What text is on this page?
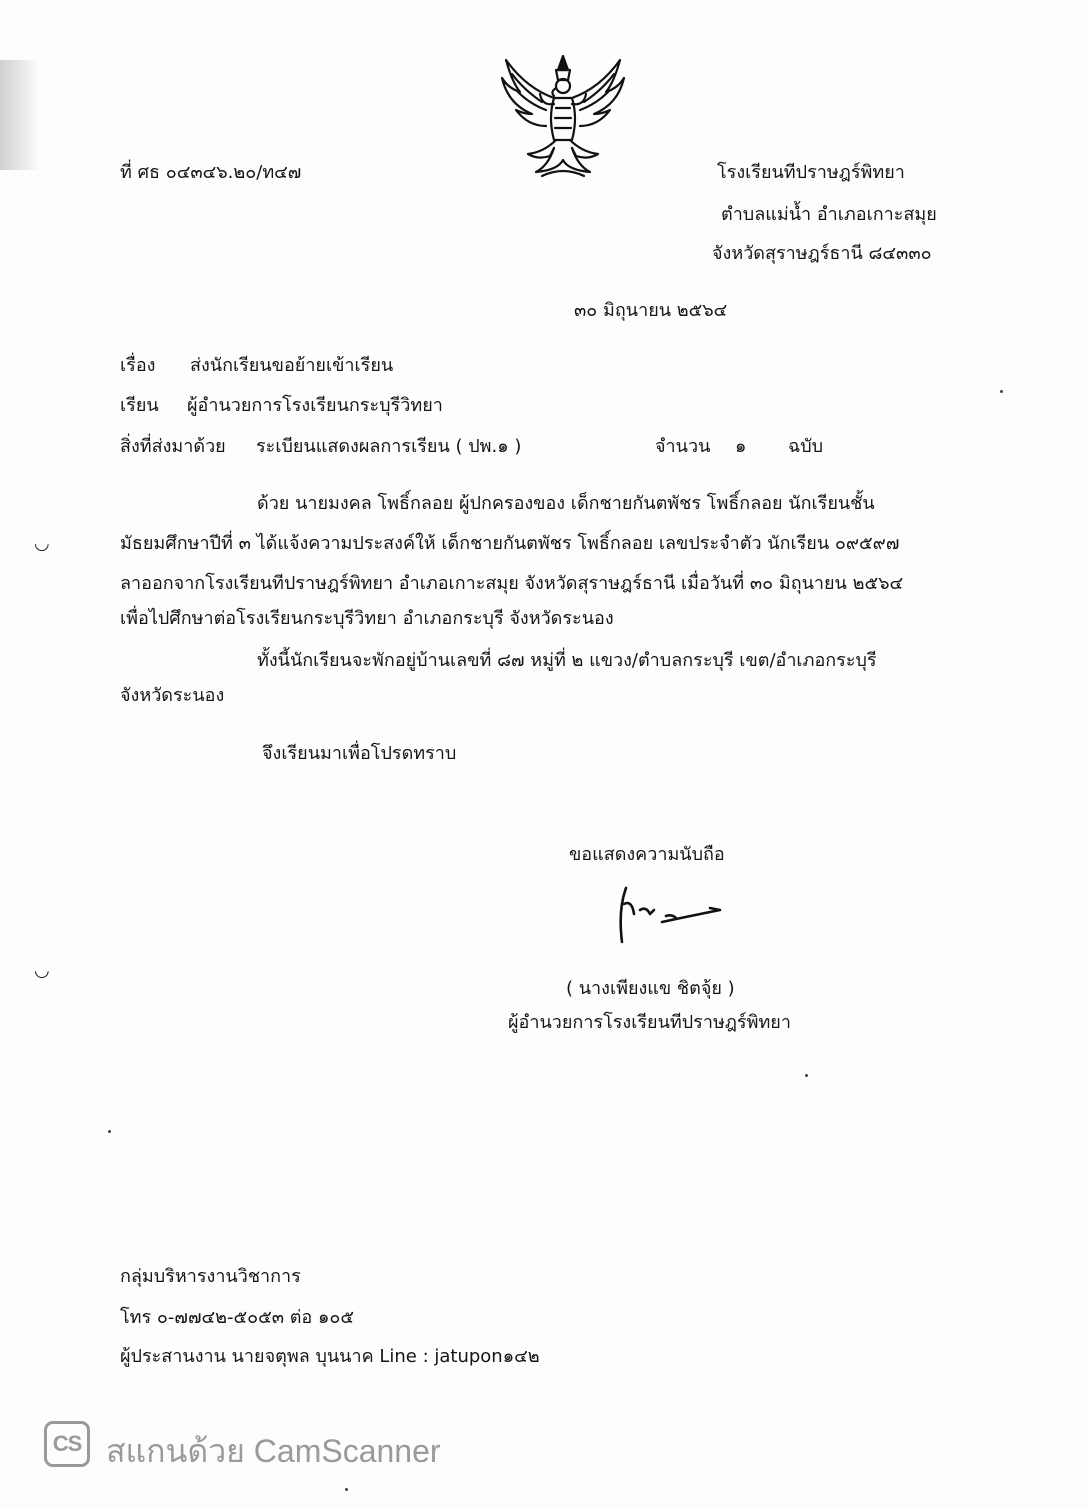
ที่ ศธ ๐๔๓๔๖.๒๐/ท๔๗	โรงเรียนทีปราษฎร์พิทยา
ตำบลแม่น้ำ อำเภอเกาะสมุย
จังหวัดสุราษฎร์ธานี ๘๔๓๓๐
๓๐ มิถุนายน ๒๕๖๔
เรื่อง ส่งนักเรียนขอย้ายเข้าเรียน
เรียน ผู้อำนวยการโรงเรียนกระบุรีวิทยา
สิ่งที่ส่งมาด้วย ระเบียนแสดงผลการเรียน ( ปพ.๑ )	จำนวน ๑ ฉบับ
ด้วย นายมงคล โพธิ์กลอย ผู้ปกครองของ เด็กชายกันตพัชร โพธิ์กลอย นักเรียนชั้น
มัธยมศึกษาปีที่ ๓ ได้แจ้งความประสงค์ให้ เด็กชายกันตพัชร โพธิ์กลอย เลขประจำตัว นักเรียน ๐๙๕๙๗
ลาออกจากโรงเรียนทีปราษฎร์พิทยา อำเภอเกาะสมุย จังหวัดสุราษฎร์ธานี เมื่อวันที่ ๓๐ มิถุนายน ๒๕๖๔
เพื่อไปศึกษาต่อโรงเรียนกระบุรีวิทยา อำเภอกระบุรี จังหวัดระนอง
ทั้งนี้นักเรียนจะพักอยู่บ้านเลขที่ ๘๗ หมู่ที่ ๒ แขวง/ตำบลกระบุรี เขต/อำเภอกระบุรี
จังหวัดระนอง
จึงเรียนมาเพื่อโปรดทราบ
ขอแสดงความนับถือ
( นางเพียงแข ชิตจุ้ย )
ผู้อำนวยการโรงเรียนทีปราษฎร์พิทยา
กลุ่มบริหารงานวิชาการ
โทร ๐-๗๗๔๒-๕๐๕๓ ต่อ ๑๐๕
ผู้ประสานงาน นายจตุพล บุนนาค Line : jatupon๑๔๒
◡
◡
CS สแกนด้วย CamScanner
